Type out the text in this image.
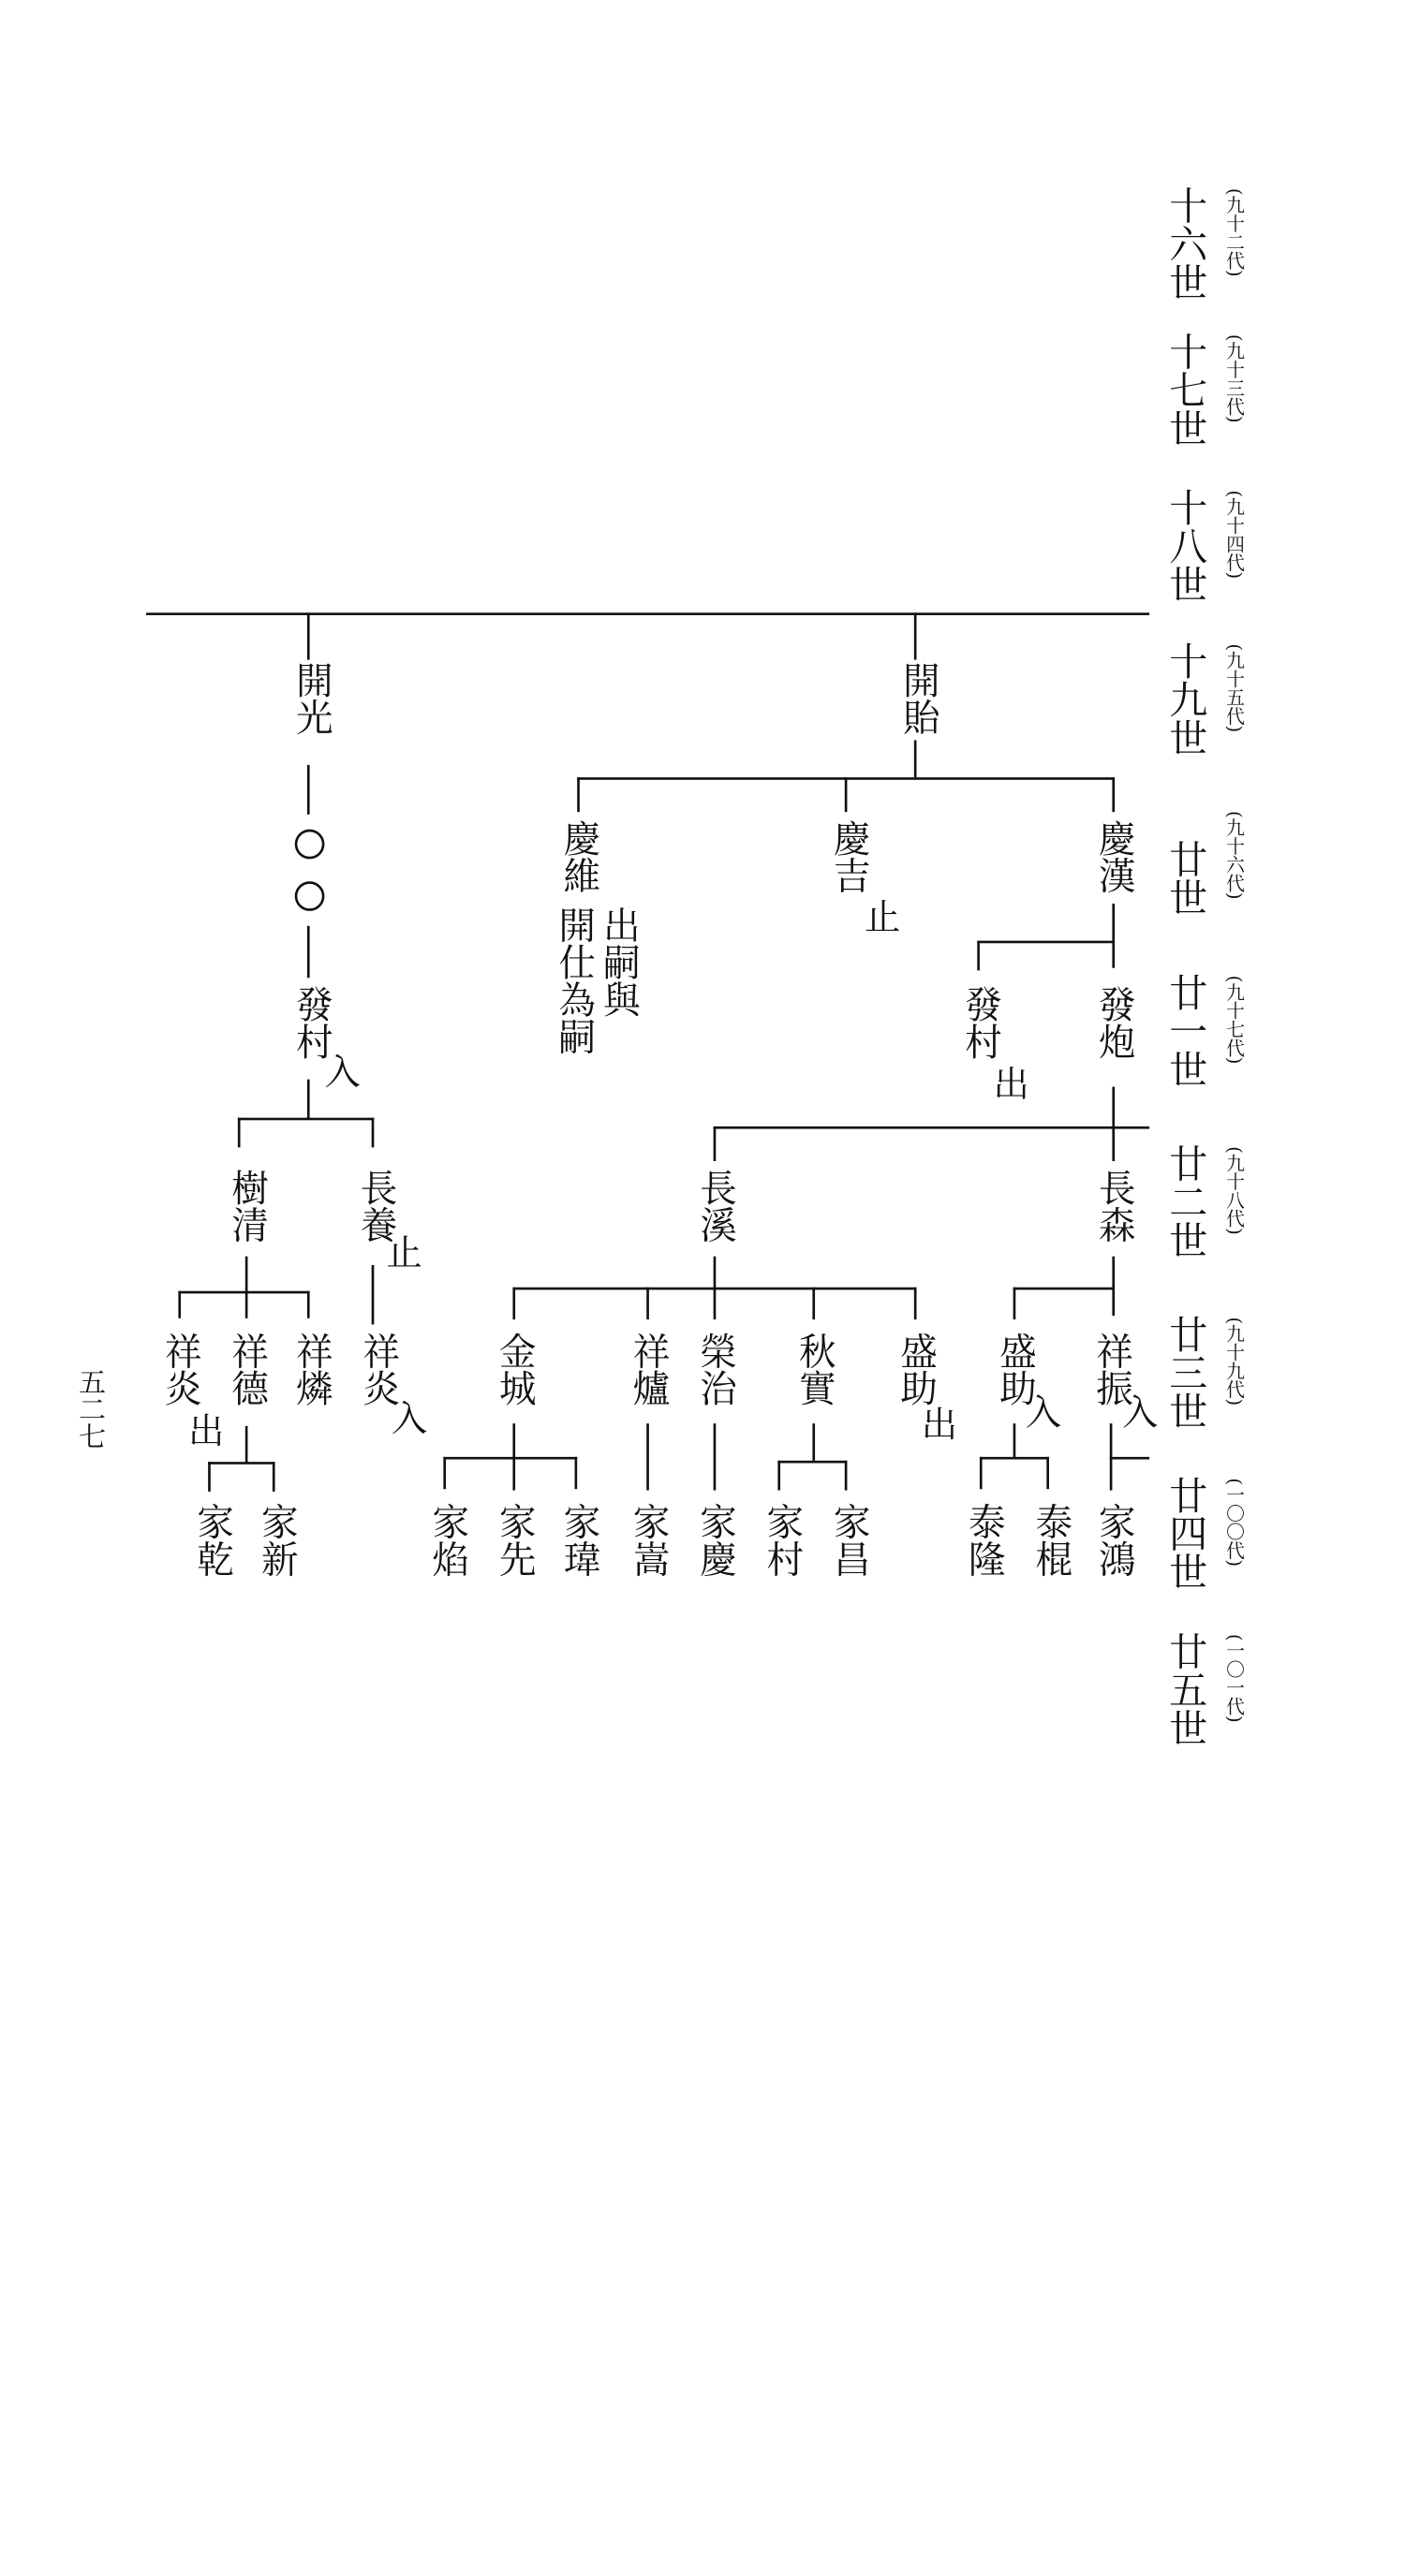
十六世	(九十二代)
十七世	(九十三代)
十八世	(九十四代)
十九世	(九十五代)
廿世	(九十六代)
廿一世	(九十七代)
廿二世	(九十八代)
廿三世	(九十九代)
廿四世	(一〇〇代)
廿五世	(一〇一代)
五二七
開光	開貽
慶維
出嗣與
開仕為嗣
慶吉
止
慶漢
發村
入
發村
出
發炮
樹清	長養
止
長溪	長森
祥炎
出
祥德 祥燐 祥炎
入
金城	祥爐 榮治 秋實 盛助
出
盛助
入
祥振
入
家乾 家新	家焰 家先 家瑋 家嵩 家慶 家村 家昌	泰隆 泰棍 家鴻
